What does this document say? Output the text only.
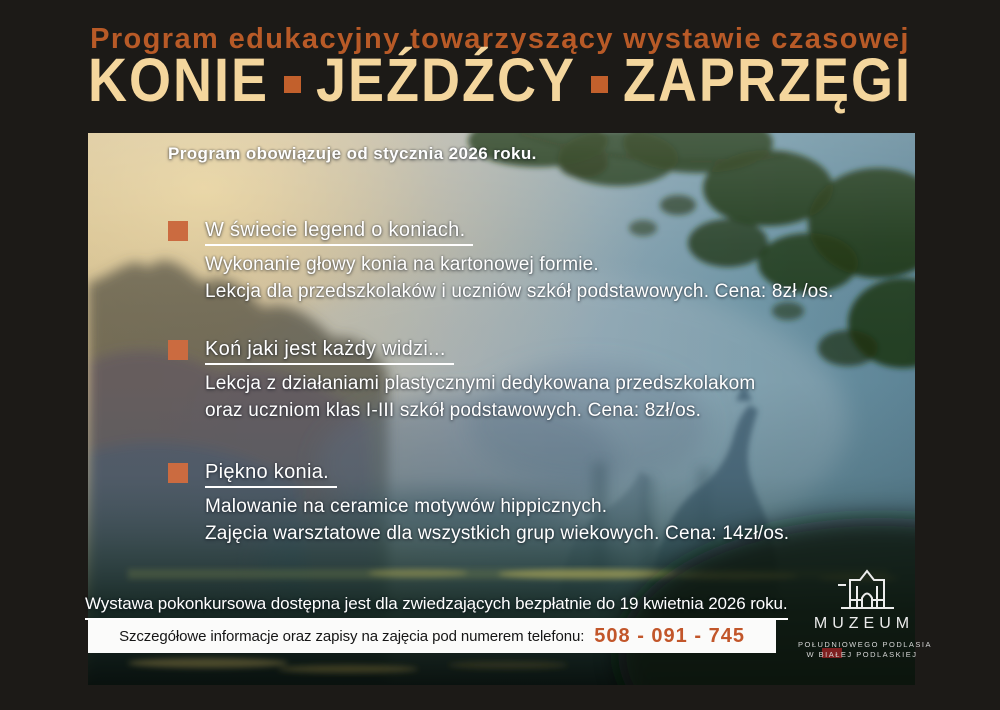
Program edukacyjny towarzyszący wystawie czasowej
KONIE JEŹDŹCY ZAPRZĘGI
Program obowiązuje od stycznia 2026 roku.
W świecie legend o koniach.
Wykonanie głowy konia na kartonowej formie.
Lekcja dla przedszkolaków i uczniów szkół podstawowych. Cena: 8zł /os.
Koń jaki jest każdy widzi...
Lekcja z działaniami plastycznymi dedykowana przedszkolakom
oraz uczniom klas I-III szkół podstawowych. Cena: 8zł/os.
Piękno konia.
Malowanie na ceramice motywów hippicznych.
Zajęcia warsztatowe dla wszystkich grup wiekowych. Cena: 14zł/os.
Wystawa pokonkursowa dostępna jest dla zwiedzających bezpłatnie do 19 kwietnia 2026 roku.
Szczegółowe informacje oraz zapisy na zajęcia pod numerem telefonu: 508 - 091 - 745
MUZEUM
POŁUDNIOWEGO PODLASIA
W BIAŁEJ PODLASKIEJ
